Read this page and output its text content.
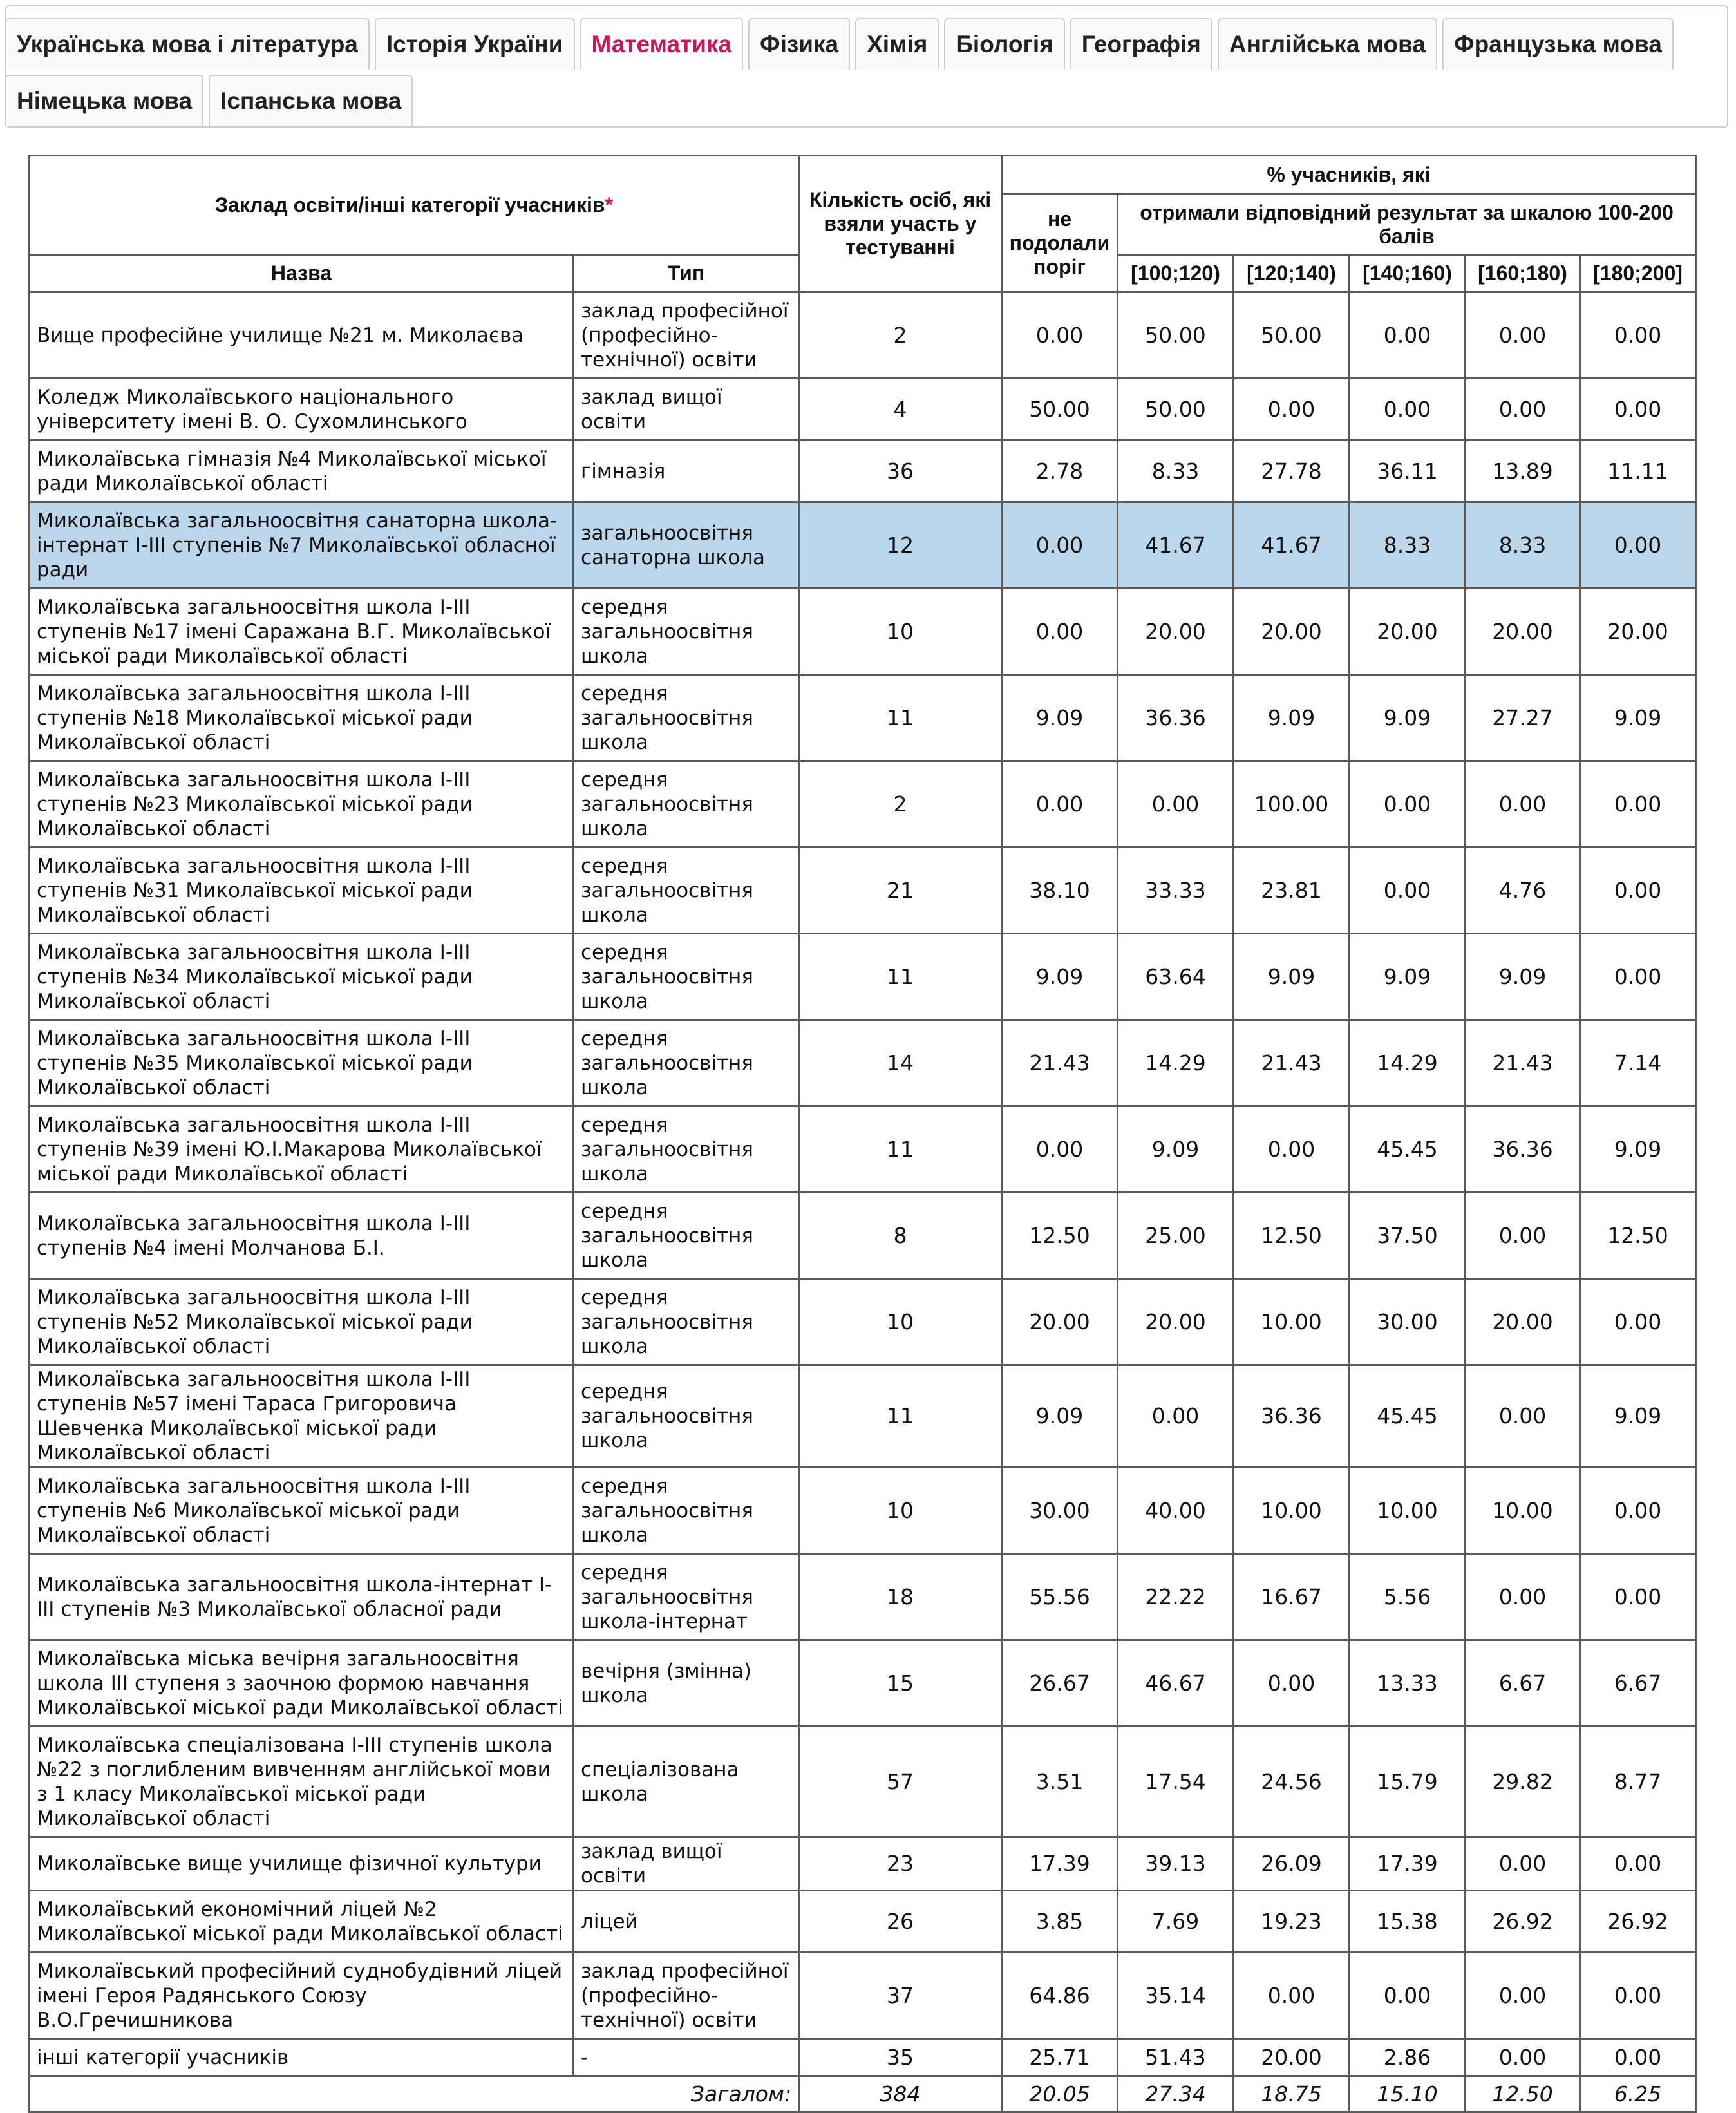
Українська мова і література	Історія України	Математика	Фізика	Хімія	Біологія	Географія	Англійська мова	Французька мова
Німецька мова	Іспанська мова
Заклад освіти/інші категорії учасників*		Кількість осіб, які взяли участь у тестуванні	% учасників, які					
			не подолали поріг	отримали відповідний результат за шкалою 100-200 балів				
Назва	Тип			[100;120)	[120;140)	[140;160)	[160;180)	[180;200]
Вище професійне училище №21 м. Миколаєва	заклад професійної (професійно-технічної) освіти	2	0.00	50.00	50.00	0.00	0.00	0.00
Коледж Миколаївського національного університету імені В. О. Сухомлинського	заклад вищої освіти	4	50.00	50.00	0.00	0.00	0.00	0.00
Миколаївська гімназія №4 Миколаївської міської ради Миколаївської області	гімназія	36	2.78	8.33	27.78	36.11	13.89	11.11
Миколаївська загальноосвітня санаторна школа-інтернат І-ІІІ ступенів №7 Миколаївської обласної ради	загальноосвітня санаторна школа	12	0.00	41.67	41.67	8.33	8.33	0.00
Миколаївська загальноосвітня школа І-ІІІ ступенів №17 імені Саражана В.Г. Миколаївської міської ради Миколаївської області	середня загальноосвітня школа	10	0.00	20.00	20.00	20.00	20.00	20.00
Миколаївська загальноосвітня школа І-ІІІ ступенів №18 Миколаївської міської ради Миколаївської області	середня загальноосвітня школа	11	9.09	36.36	9.09	9.09	27.27	9.09
Миколаївська загальноосвітня школа І-ІІІ ступенів №23 Миколаївської міської ради Миколаївської області	середня загальноосвітня школа	2	0.00	0.00	100.00	0.00	0.00	0.00
Миколаївська загальноосвітня школа І-ІІІ ступенів №31 Миколаївської міської ради Миколаївської області	середня загальноосвітня школа	21	38.10	33.33	23.81	0.00	4.76	0.00
Миколаївська загальноосвітня школа І-ІІІ ступенів №34 Миколаївської міської ради Миколаївської області	середня загальноосвітня школа	11	9.09	63.64	9.09	9.09	9.09	0.00
Миколаївська загальноосвітня школа І-ІІІ ступенів №35 Миколаївської міської ради Миколаївської області	середня загальноосвітня школа	14	21.43	14.29	21.43	14.29	21.43	7.14
Миколаївська загальноосвітня школа І-ІІІ ступенів №39 імені Ю.І.Макарова Миколаївської міської ради Миколаївської області	середня загальноосвітня школа	11	0.00	9.09	0.00	45.45	36.36	9.09
Миколаївська загальноосвітня школа І-ІІІ ступенів №4 імені Молчанова Б.І.	середня загальноосвітня школа	8	12.50	25.00	12.50	37.50	0.00	12.50
Миколаївська загальноосвітня школа І-ІІІ ступенів №52 Миколаївської міської ради Миколаївської області	середня загальноосвітня школа	10	20.00	20.00	10.00	30.00	20.00	0.00
Миколаївська загальноосвітня школа І-ІІІ ступенів №57 імені Тараса Григоровича Шевченка Миколаївської міської ради Миколаївської області	середня загальноосвітня школа	11	9.09	0.00	36.36	45.45	0.00	9.09
Миколаївська загальноосвітня школа І-ІІІ ступенів №6 Миколаївської міської ради Миколаївської області	середня загальноосвітня школа	10	30.00	40.00	10.00	10.00	10.00	0.00
Миколаївська загальноосвітня школа-інтернат І-ІІІ ступенів №3 Миколаївської обласної ради	середня загальноосвітня школа-інтернат	18	55.56	22.22	16.67	5.56	0.00	0.00
Миколаївська міська вечірня загальноосвітня школа ІІІ ступеня з заочною формою навчання Миколаївської міської ради Миколаївської області	вечірня (змінна) школа	15	26.67	46.67	0.00	13.33	6.67	6.67
Миколаївська спеціалізована І-ІІІ ступенів школа №22 з поглибленим вивченням англійської мови з 1 класу Миколаївської міської ради Миколаївської області	спеціалізована школа	57	3.51	17.54	24.56	15.79	29.82	8.77
Миколаївське вище училище фізичної культури	заклад вищої освіти	23	17.39	39.13	26.09	17.39	0.00	0.00
Миколаївський економічний ліцей №2 Миколаївської міської ради Миколаївської області	ліцей	26	3.85	7.69	19.23	15.38	26.92	26.92
Миколаївський професійний суднобудівний ліцей імені Героя Радянського Союзу В.О.Гречишникова	заклад професійної (професійно-технічної) освіти	37	64.86	35.14	0.00	0.00	0.00	0.00
інші категорії учасників	-	35	25.71	51.43	20.00	2.86	0.00	0.00
Загалом:		384	20.05	27.34	18.75	15.10	12.50	6.25
